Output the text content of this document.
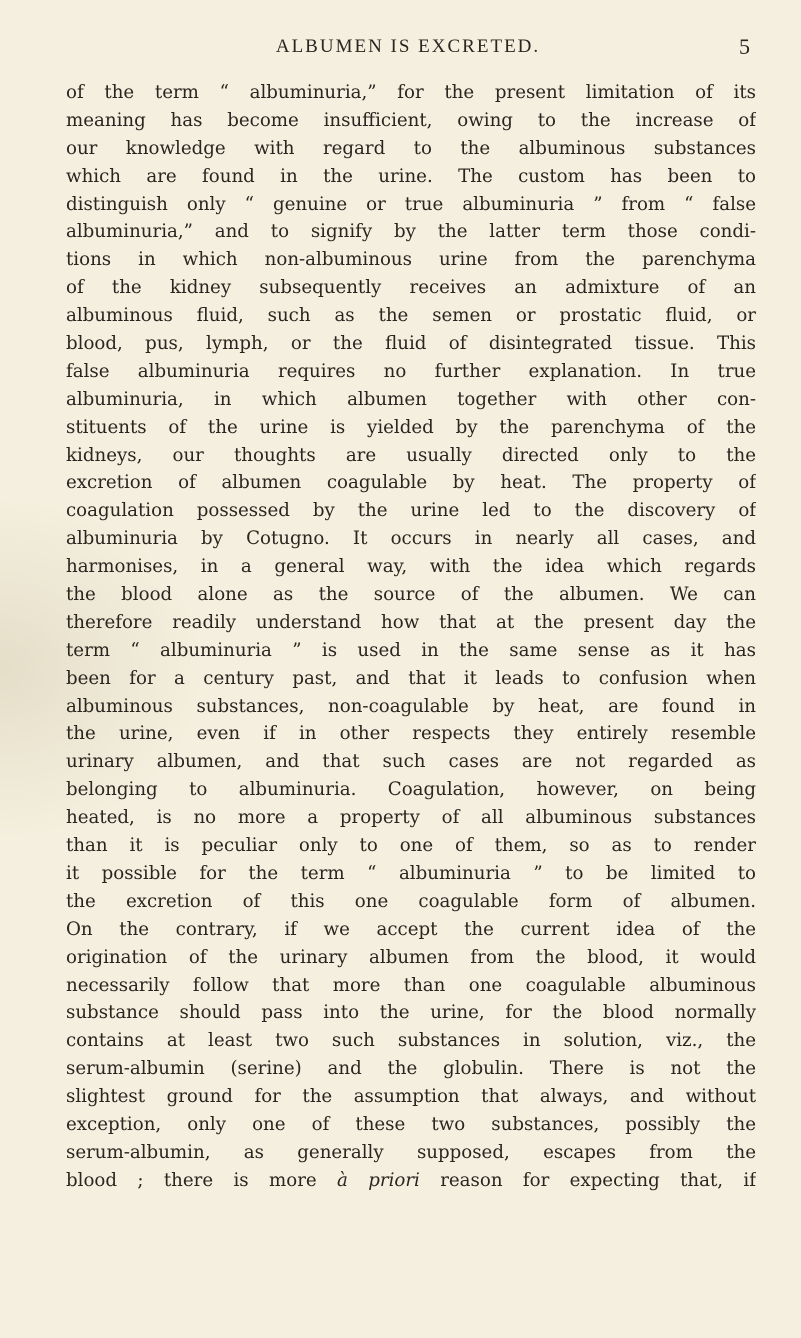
ALBUMEN IS EXCRETED.	5
of the term “ albuminuria,” for the present limitation of its
meaning has become insufficient, owing to the increase of
our knowledge with regard to the albuminous substances
which are found in the urine. The custom has been to
distinguish only “ genuine or true albuminuria ” from “ false
albuminuria,” and to signify by the latter term those condi-
tions in which non-albuminous urine from the parenchyma
of the kidney subsequently receives an admixture of an
albuminous fluid, such as the semen or prostatic fluid, or
blood, pus, lymph, or the fluid of disintegrated tissue. This
false albuminuria requires no further explanation. In true
albuminuria, in which albumen together with other con-
stituents of the urine is yielded by the parenchyma of the
kidneys, our thoughts are usually directed only to the
excretion of albumen coagulable by heat. The property of
coagulation possessed by the urine led to the discovery of
albuminuria by Cotugno. It occurs in nearly all cases, and
harmonises, in a general way, with the idea which regards
the blood alone as the source of the albumen. We can
therefore readily understand how that at the present day the
term “ albuminuria ” is used in the same sense as it has
been for a century past, and that it leads to confusion when
albuminous substances, non-coagulable by heat, are found in
the urine, even if in other respects they entirely resemble
urinary albumen, and that such cases are not regarded as
belonging to albuminuria. Coagulation, however, on being
heated, is no more a property of all albuminous substances
than it is peculiar only to one of them, so as to render
it possible for the term “ albuminuria ” to be limited to
the excretion of this one coagulable form of albumen.
On the contrary, if we accept the current idea of the
origination of the urinary albumen from the blood, it would
necessarily follow that more than one coagulable albuminous
substance should pass into the urine, for the blood normally
contains at least two such substances in solution, viz., the
serum-albumin (serine) and the globulin. There is not the
slightest ground for the assumption that always, and without
exception, only one of these two substances, possibly the
serum-albumin, as generally supposed, escapes from the
blood ; there is more à priori reason for expecting that, if
